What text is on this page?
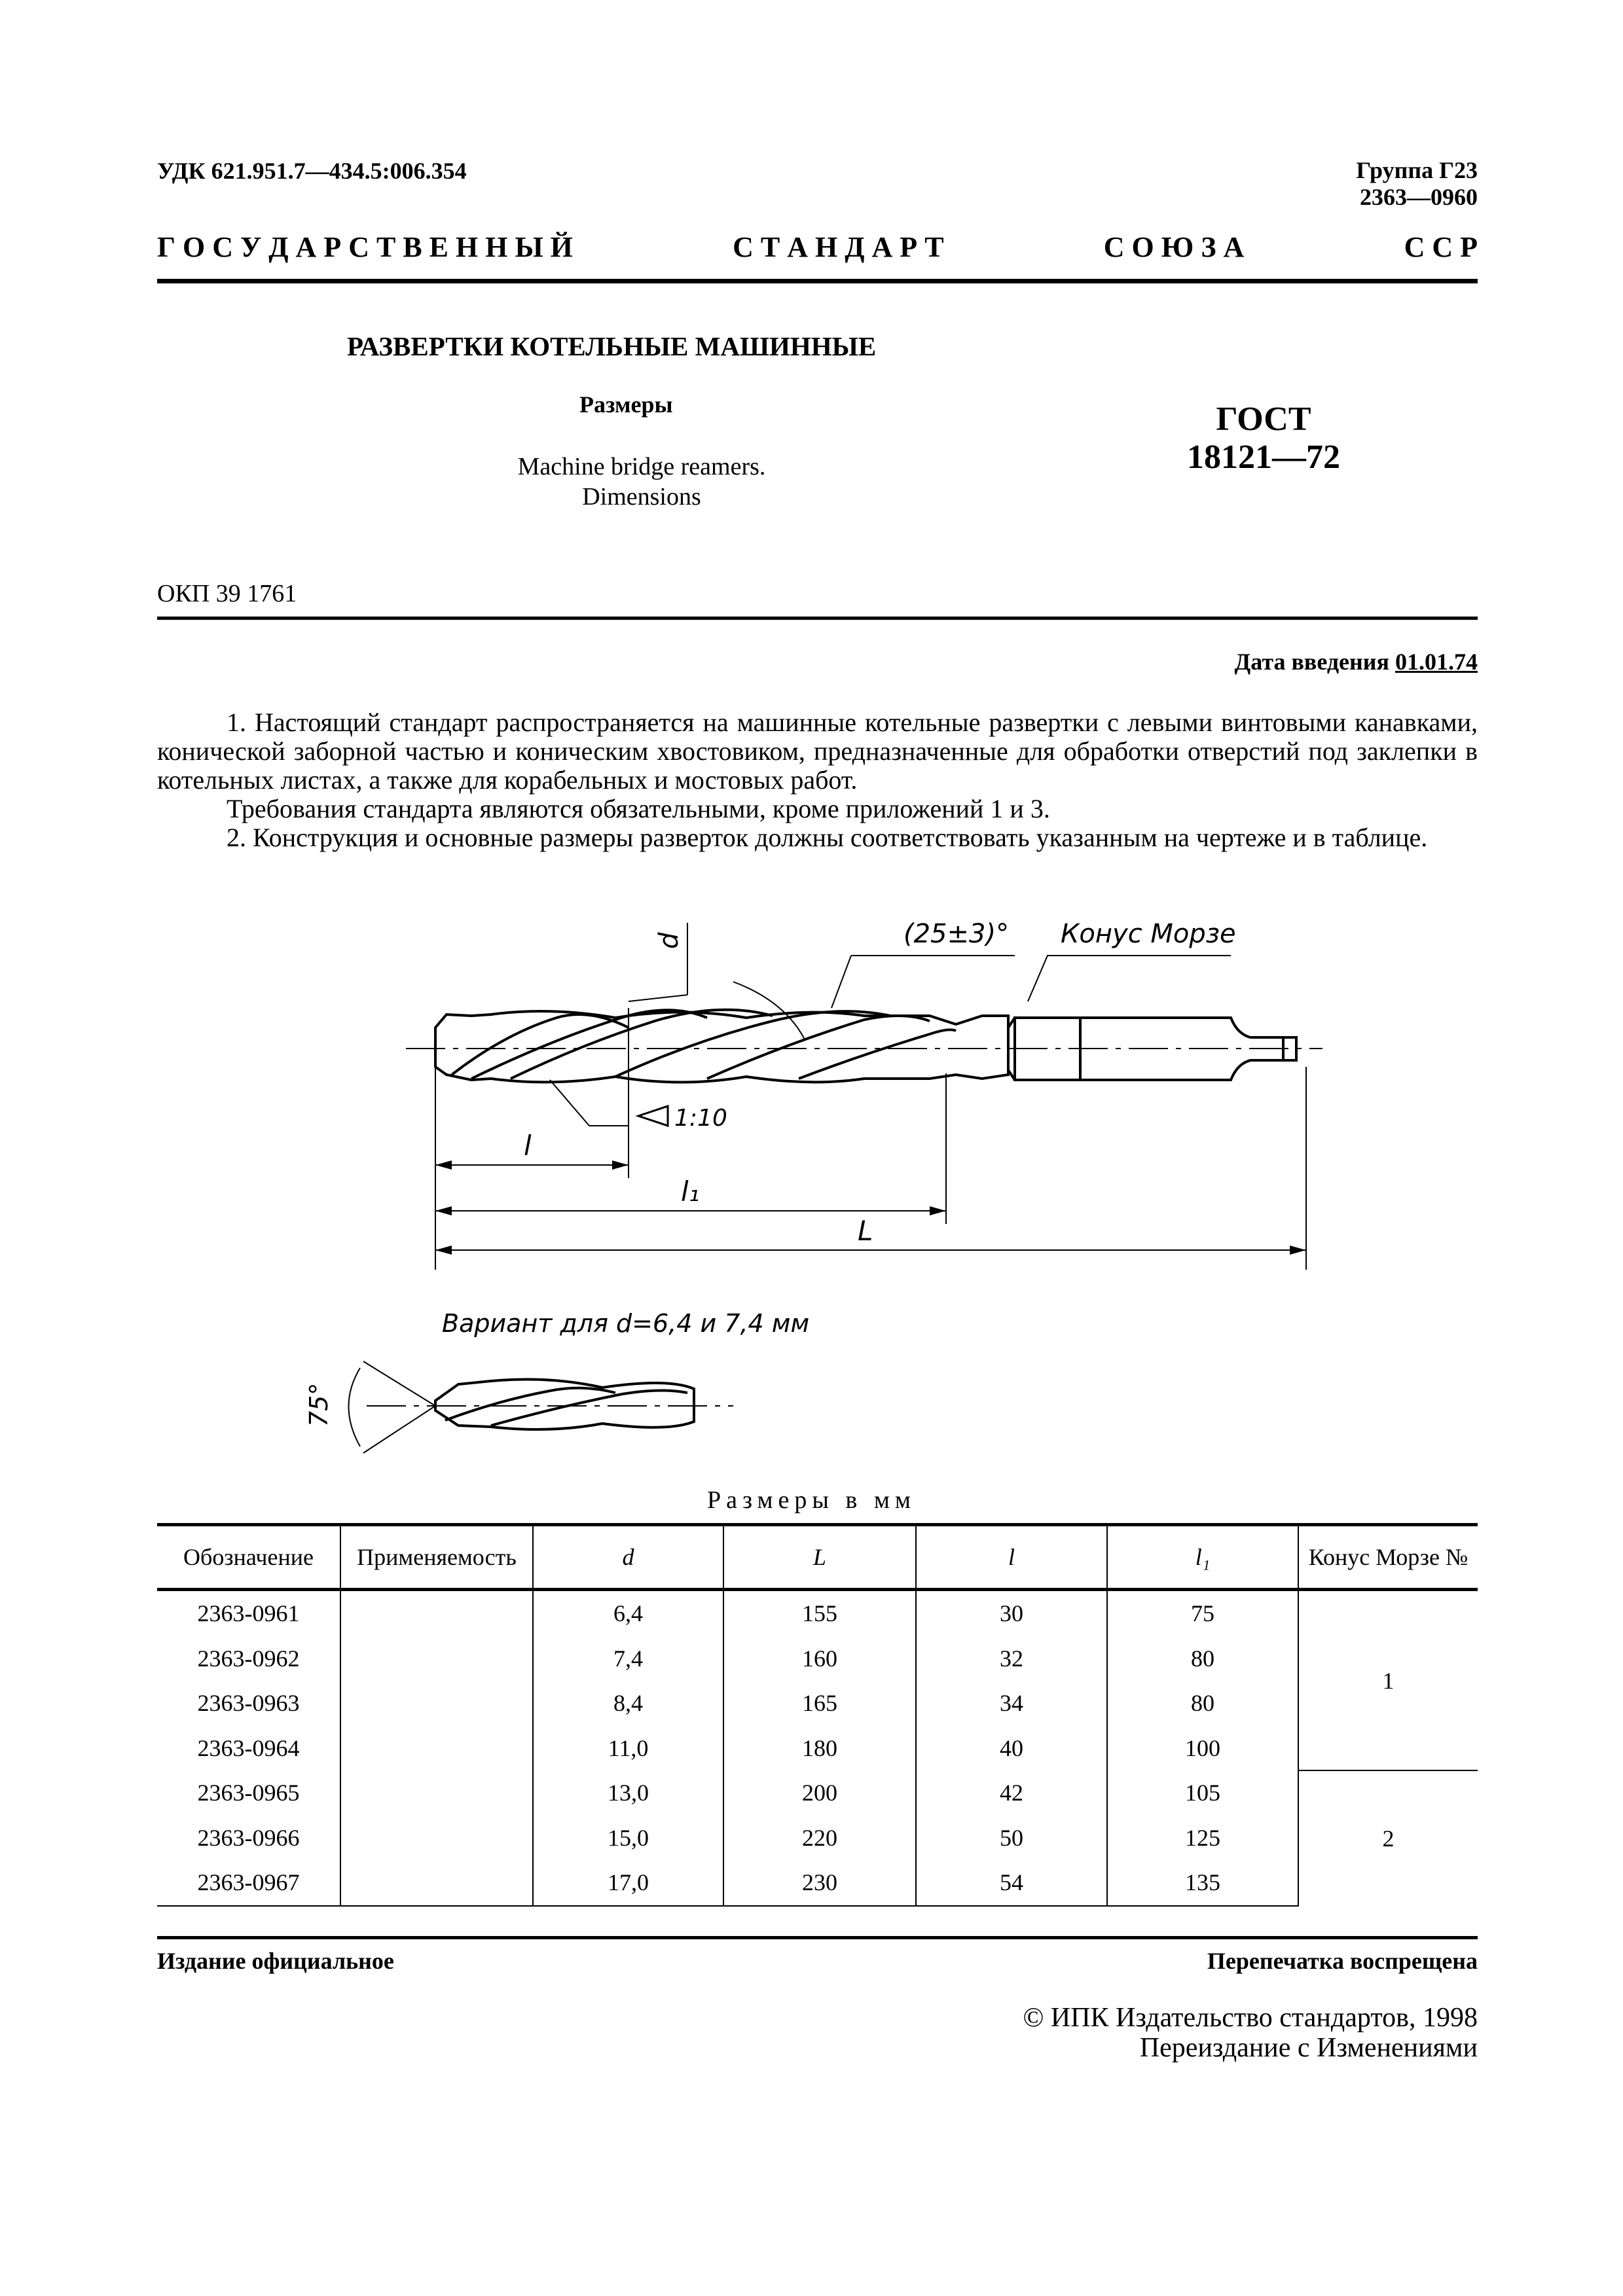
УДК 621.951.7—434.5:006.354	Группа Г23
2363—0960
Г О С У Д А Р С Т В Е Н Н Ы Й	С Т А Н Д А Р Т	С О Ю З А	С С Р
РАЗВЕРТКИ КОТЕЛЬНЫЕ МАШИННЫЕ
Размеры
Machine bridge reamers.
Dimensions
ГОСТ
18121—72
ОКП 39 1761
Дата введения 01.01.74

1. Настоящий стандарт распространяется на машинные котельные развертки с левыми винтовыми канавками, конической заборной частью и коническим хвостовиком, предназначенные для обработки отверстий под заклепки в котельных листах, а также для корабельных и мостовых работ.

Требования стандарта являются обязательными, кроме приложений 1 и 3.

2. Конструкция и основные размеры разверток должны соответствовать указанным на чертеже и в таблице.

(25±3)° Конус Морзе
d
1:10
l
l₁
L
Вариант для d=6,4 и 7,4 мм
75°
Размеры в мм
Обозначение	Применяемость	d	L	l	l₁	Конус Морзе №
2363-0961		6,4	155	30	75	1
2363-0962		7,4	160	32	80	
2363-0963		8,4	165	34	80	
2363-0964		11,0	180	40	100	
2363-0965		13,0	200	42	105	2
2363-0966		15,0	220	50	125	
2363-0967		17,0	230	54	135	
Издание официальное	Перепечатка воспрещена
© ИПК Издательство стандартов, 1998
Переиздание с Изменениями
